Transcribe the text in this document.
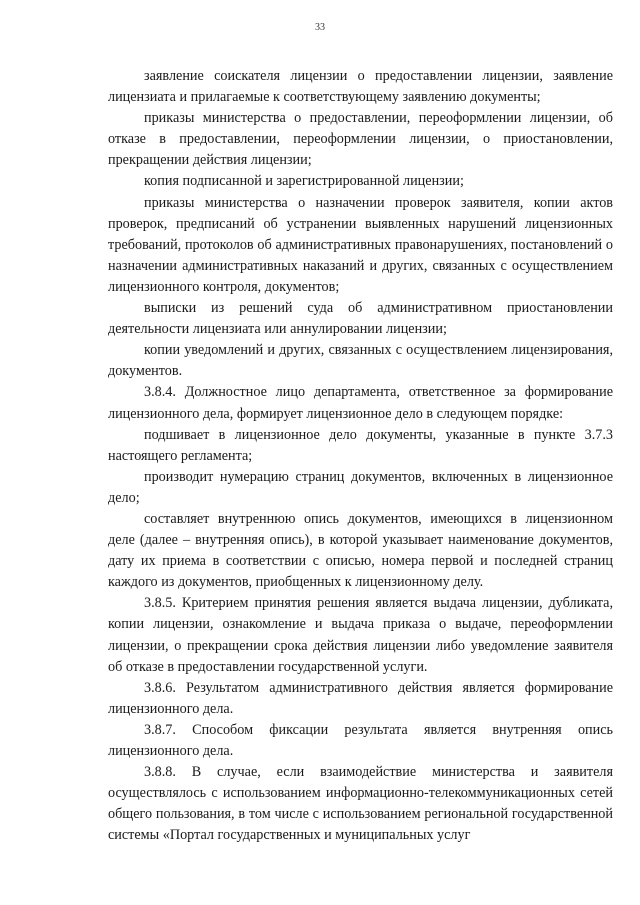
33

заявление соискателя лицензии о предоставлении лицензии, заявление лицензиата и прилагаемые к соответствующему заявлению документы;

приказы министерства о предоставлении, переоформлении лицензии, об отказе в предоставлении, переоформлении лицензии, о приостановлении, прекращении действия лицензии;

копия подписанной и зарегистрированной лицензии;

приказы министерства о назначении проверок заявителя, копии актов проверок, предписаний об устранении выявленных нарушений лицензионных требований, протоколов об административных правонарушениях, постановлений о назначении административных наказаний и других, связанных с осуществлением лицензионного контроля, документов;

выписки из решений суда об административном приостановлении деятельности лицензиата или аннулировании лицензии;

копии уведомлений и других, связанных с осуществлением лицензирования, документов.

3.8.4. Должностное лицо департамента, ответственное за формирование лицензионного дела, формирует лицензионное дело в следующем порядке:

подшивает в лицензионное дело документы, указанные в пункте 3.7.3 настоящего регламента;

производит нумерацию страниц документов, включенных в лицензионное дело;

составляет внутреннюю опись документов, имеющихся в лицензионном деле (далее – внутренняя опись), в которой указывает наименование документов, дату их приема в соответствии с описью, номера первой и последней страниц каждого из документов, приобщенных к лицензионному делу.

3.8.5. Критерием принятия решения является выдача лицензии, дубликата, копии лицензии, ознакомление и выдача приказа о выдаче, переоформлении лицензии, о прекращении срока действия лицензии либо уведомление заявителя об отказе в предоставлении государственной услуги.

3.8.6. Результатом административного действия является формирование лицензионного дела.

3.8.7. Способом фиксации результата является внутренняя опись лицензионного дела.

3.8.8. В случае, если взаимодействие министерства и заявителя осуществлялось с использованием информационно-телекоммуникационных сетей общего пользования, в том числе с использованием региональной государственной системы «Портал государственных и муниципальных услуг
